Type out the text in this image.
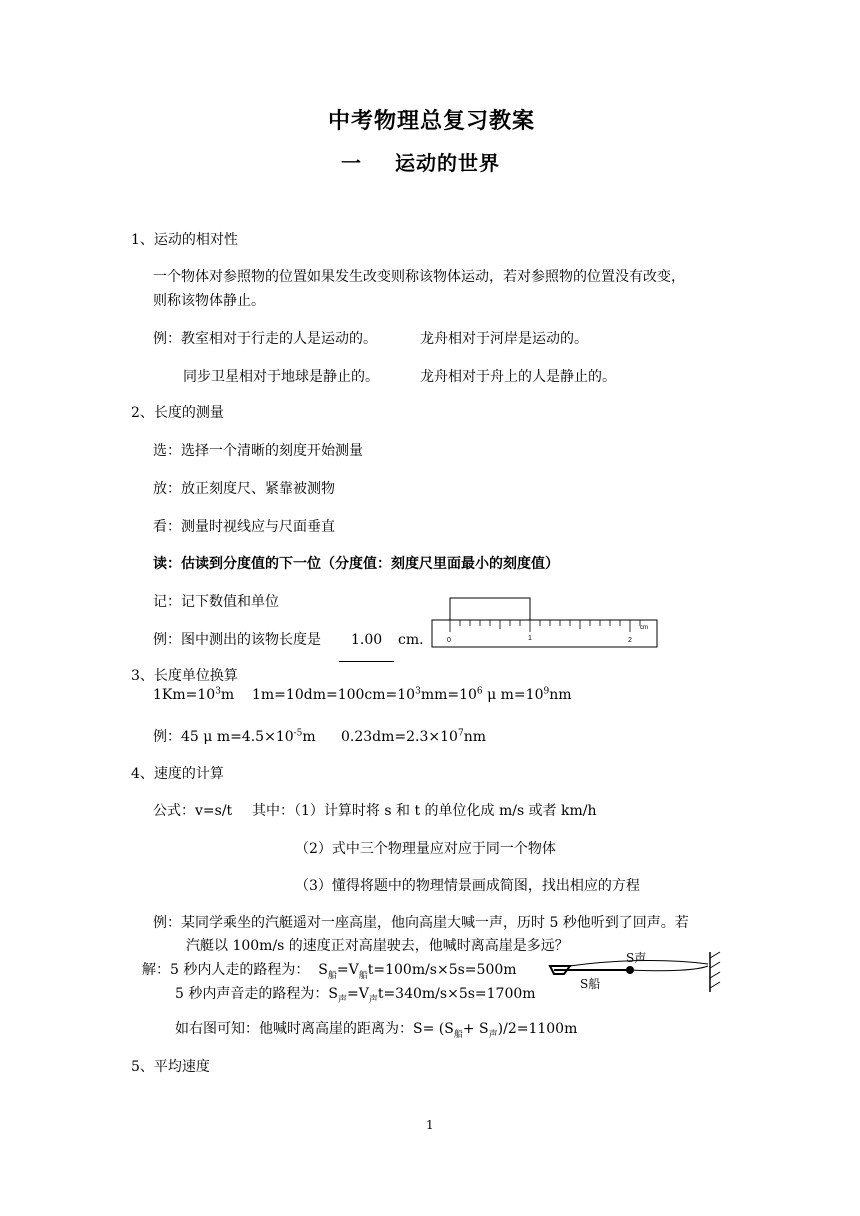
中考物理总复习教案
一 运动的世界
1、运动的相对性
一个物体对参照物的位置如果发生改变则称该物体运动，若对参照物的位置没有改变，
则称该物体静止。
例：教室相对于行走的人是运动的。	龙舟相对于河岸是运动的。
同步卫星相对于地球是静止的。	龙舟相对于舟上的人是静止的。
2、长度的测量
选：选择一个清晰的刻度开始测量
放：放正刻度尺、紧靠被测物
看：测量时视线应与尺面垂直
读：估读到分度值的下一位（分度值：刻度尺里面最小的刻度值）
记：记下数值和单位
例：图中测出的该物长度是	1.00	cm.	0	1	2
cm
3、长度单位换算
$1Km=10^3m$    $1m=10dm=100cm=10^3mm=10^6$ μ $m=10^9nm$
例：45 μ $m=4.5\times 10^{-5}m$ $0.23dm=2.3\times 10^7nm$
4、速度的计算
公式：v=s/t 其中：（1）计算时将 s 和 t 的单位化成 m/s 或者 km/h
（2）式中三个物理量应对应于同一个物体
（3）懂得将题中的物理情景画成简图，找出相应的方程
例：某同学乘坐的汽艇遥对一座高崖，他向高崖大喊一声，历时 5 秒他听到了回声。若
汽艇以 100m/s 的速度正对高崖驶去，他喊时离高崖是多远？
解：5 秒内人走的路程为：  $S_船=V_船t=100m/s\times 5s=500m$
5 秒内声音走的路程为：$S_声=V_声t=340m/s\times 5s=1700m$
如右图可知：他喊时离高崖的距离为：$S= (S_船+ S_声)/2=1100m$
S声
S船
5、平均速度
1
